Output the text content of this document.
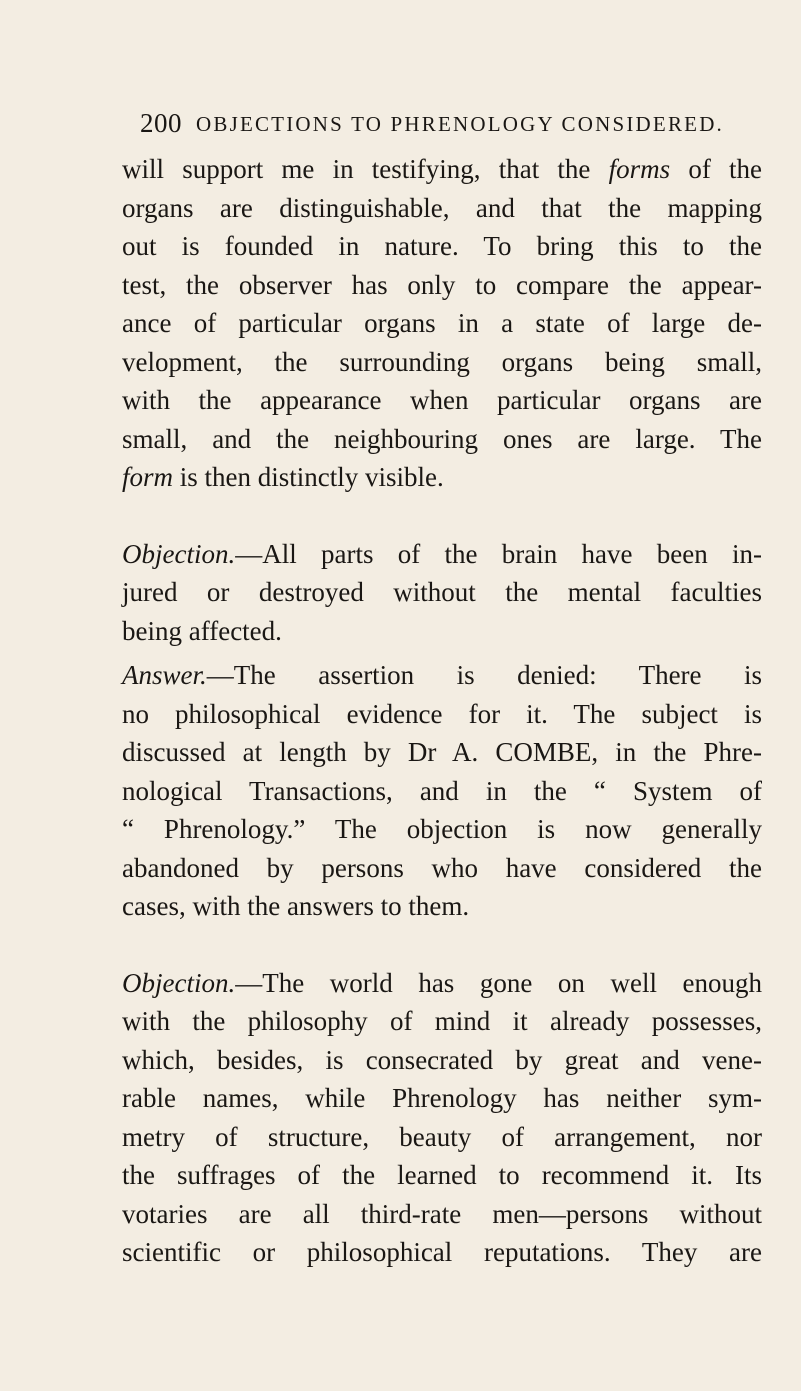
200 OBJECTIONS TO PHRENOLOGY CONSIDERED.
will support me in testifying, that the forms of the
organs are distinguishable, and that the mapping
out is founded in nature. To bring this to the
test, the observer has only to compare the appear-
ance of particular organs in a state of large de-
velopment, the surrounding organs being small,
with the appearance when particular organs are
small, and the neighbouring ones are large. The
form is then distinctly visible.
Objection.—All parts of the brain have been in-
jured or destroyed without the mental faculties
being affected.
Answer.—The assertion is denied: There is
no philosophical evidence for it. The subject is
discussed at length by Dr A. COMBE, in the Phre-
nological Transactions, and in the “ System of
“ Phrenology.” The objection is now generally
abandoned by persons who have considered the
cases, with the answers to them.
Objection.—The world has gone on well enough
with the philosophy of mind it already possesses,
which, besides, is consecrated by great and vene-
rable names, while Phrenology has neither sym-
metry of structure, beauty of arrangement, nor
the suffrages of the learned to recommend it. Its
votaries are all third-rate men—persons without
scientific or philosophical reputations. They are
